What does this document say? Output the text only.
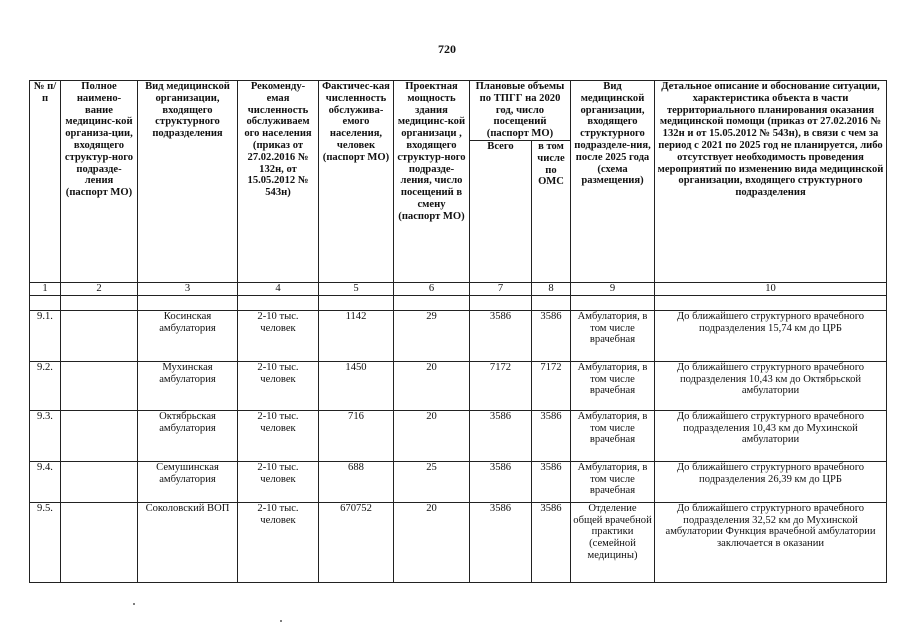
720
№ п/п	Полное наимено-вание медицинс-кой организа-ции, входящего структур-ного подразде-ления (паспорт МО)	Вид медицинской организации, входящего структурного подразделения	Рекоменду-емая численность обслуживаем ого населения (приказ от 27.02.2016 № 132н, от 15.05.2012 № 543н)	Фактичес-кая численность обслужива-емого населения, человек (паспорт МО)	Проектная мощность здания медицинс-кой организаци , входящего структур-ного подразде-ления, число посещений в смену (паспорт МО)	Плановые объемы по ТПГГ на 2020 год, число посещений (паспорт МО)		Вид медицинской организации, входящего структурного подразделе-ния, после 2025 года (схема размещения)	Детальное описание и обоснование ситуации, характеристика объекта в части территориального планирования оказания медицинской помощи (приказ от 27.02.2016 № 132н и от 15.05.2012 № 543н), в связи с чем за период с 2021 по 2025 год не планируется, либо отсутствует необходимость проведения мероприятий по изменению вида медицинской организации, входящего структурного подразделения
						Всего	в том числе по ОМС		
1	2	3	4	5	6	7	8	9	10

9.1.		Косинская амбулатория	2-10 тыс. человек	1142	29	3586	3586	Амбулатория, в том числе врачебная	До ближайшего структурного врачебного подразделения 15,74 км до ЦРБ
9.2.		Мухинская амбулатория	2-10 тыс. человек	1450	20	7172	7172	Амбулатория, в том числе врачебная	До ближайшего структурного врачебного подразделения 10,43 км до Октябрьской амбулатории
9.3.		Октябрьская амбулатория	2-10 тыс. человек	716	20	3586	3586	Амбулатория, в том числе врачебная	До ближайшего структурного врачебного подразделения 10,43 км до Мухинской амбулатории
9.4.		Семушинская амбулатория	2-10 тыс. человек	688	25	3586	3586	Амбулатория, в том числе врачебная	До ближайшего структурного врачебного подразделения 26,39 км до ЦРБ
9.5.		Соколовский ВОП	2-10 тыс. человек	670752	20	3586	3586	Отделение общей врачебной практики (семейной медицины)	До ближайшего структурного врачебного подразделения 32,52 км до Мухинской амбулатории Функция врачебной амбулатории заключается в оказании
